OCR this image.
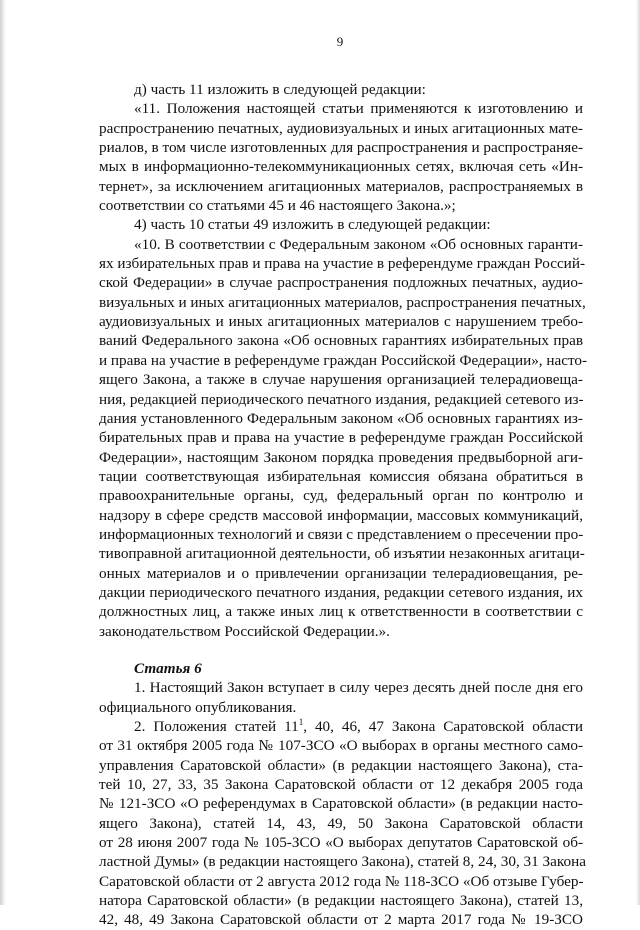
9
д) часть 11 изложить в следующей редакции:
«11. Положения настоящей статьи применяются к изготовлению и
распространению печатных, аудиовизуальных и иных агитационных мате-
риалов, в том числе изготовленных для распространения и распространяе-
мых в информационно-телекоммуникационных сетях, включая сеть «Ин-
тернет», за исключением агитационных материалов, распространяемых в
соответствии со статьями 45 и 46 настоящего Закона.»;
4) часть 10 статьи 49 изложить в следующей редакции:
«10. В соответствии с Федеральным законом «Об основных гаранти-
ях избирательных прав и права на участие в референдуме граждан Россий-
ской Федерации» в случае распространения подложных печатных, аудио-
визуальных и иных агитационных материалов, распространения печатных,
аудиовизуальных и иных агитационных материалов с нарушением требо-
ваний Федерального закона «Об основных гарантиях избирательных прав
и права на участие в референдуме граждан Российской Федерации», насто-
ящего Закона, а также в случае нарушения организацией телерадиовеща-
ния, редакцией периодического печатного издания, редакцией сетевого из-
дания установленного Федеральным законом «Об основных гарантиях из-
бирательных прав и права на участие в референдуме граждан Российской
Федерации», настоящим Законом порядка проведения предвыборной аги-
тации соответствующая избирательная комиссия обязана обратиться в
правоохранительные органы, суд, федеральный орган по контролю и
надзору в сфере средств массовой информации, массовых коммуникаций,
информационных технологий и связи с представлением о пресечении про-
тивоправной агитационной деятельности, об изъятии незаконных агитаци-
онных материалов и о привлечении организации телерадиовещания, ре-
дакции периодического печатного издания, редакции сетевого издания, их
должностных лиц, а также иных лиц к ответственности в соответствии с
законодательством Российской Федерации.».
Статья 6
1. Настоящий Закон вступает в силу через десять дней после дня его
официального опубликования.
2. Положения статей $11^1$, 40, 46, 47 Закона Саратовской области
от 31 октября 2005 года № 107-ЗСО «О выборах в органы местного само-
управления Саратовской области» (в редакции настоящего Закона), ста-
тей 10, 27, 33, 35 Закона Саратовской области от 12 декабря 2005 года
№ 121-ЗСО «О референдумах в Саратовской области» (в редакции насто-
ящего Закона), статей 14, 43, 49, 50 Закона Саратовской области
от 28 июня 2007 года № 105-ЗСО «О выборах депутатов Саратовской об-
ластной Думы» (в редакции настоящего Закона), статей 8, 24, 30, 31 Закона
Саратовской области от 2 августа 2012 года № 118-ЗСО «Об отзыве Губер-
натора Саратовской области» (в редакции настоящего Закона), статей 13,
42, 48, 49 Закона Саратовской области от 2 марта 2017 года № 19-ЗСО
